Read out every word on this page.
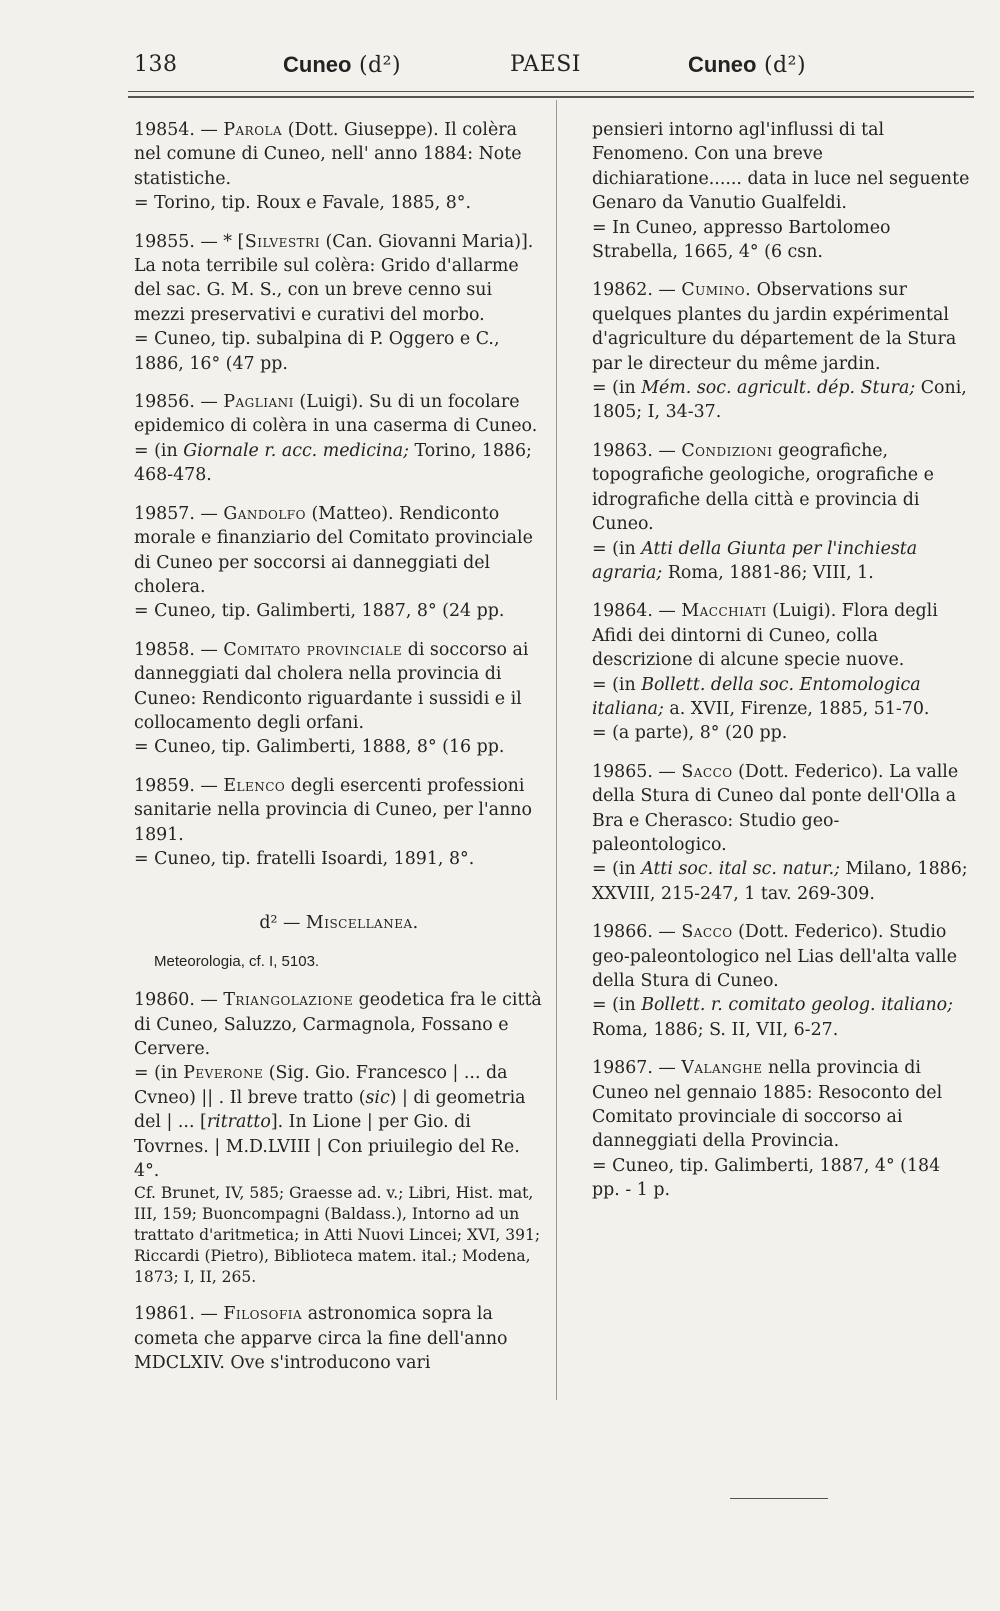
138	Cuneo (d²)	PAESI	Cuneo (d²)

19854. — Parola (Dott. Giuseppe). Il colèra nel comune di Cuneo, nell' anno 1884: Note statistiche.

= Torino, tip. Roux e Favale, 1885, 8°.

19855. — * [Silvestri (Can. Giovanni Maria)]. La nota terribile sul colèra: Grido d'allarme del sac. G. M. S., con un breve cenno sui mezzi preservativi e curativi del morbo.

= Cuneo, tip. subalpina di P. Oggero e C., 1886, 16° (47 pp.

19856. — Pagliani (Luigi). Su di un focolare epidemico di colèra in una caserma di Cuneo.

= (in Giornale r. acc. medicina; Torino, 1886; 468-478.

19857. — Gandolfo (Matteo). Rendiconto morale e finanziario del Comitato provinciale di Cuneo per soccorsi ai danneggiati del cholera.

= Cuneo, tip. Galimberti, 1887, 8° (24 pp.

19858. — Comitato provinciale di soccorso ai danneggiati dal cholera nella provincia di Cuneo: Rendiconto riguardante i sussidi e il collocamento degli orfani.

= Cuneo, tip. Galimberti, 1888, 8° (16 pp.

19859. — Elenco degli esercenti professioni sanitarie nella provincia di Cuneo, per l'anno 1891.

= Cuneo, tip. fratelli Isoardi, 1891, 8°.

d² — Miscellanea.
Meteorologia, cf. I, 5103.

19860. — Triangolazione geodetica fra le città di Cuneo, Saluzzo, Carmagnola, Fossano e Cervere.

= (in Peverone (Sig. Gio. Francesco | ... da Cvneo) || . Il breve tratto (sic) | di geometria del | ... [ritratto]. In Lione | per Gio. di Tovrnes. | M.D.LVIII | Con priuilegio del Re. 4°.

Cf. Brunet, IV, 585; Graesse ad. v.; Libri, Hist. mat, III, 159; Buoncompagni (Baldass.), Intorno ad un trattato d'aritmetica; in Atti Nuovi Lincei; XVI, 391; Riccardi (Pietro), Biblioteca matem. ital.; Modena, 1873; I, II, 265.

19861. — Filosofia astronomica sopra la cometa che apparve circa la fine dell'anno MDCLXIV. Ove s'introducono vari

pensieri intorno agl'influssi di tal Fenomeno. Con una breve dichiaratione...... data in luce nel seguente Genaro da Vanutio Gualfeldi.

= In Cuneo, appresso Bartolomeo Strabella, 1665, 4° (6 csn.

19862. — Cumino. Observations sur quelques plantes du jardin expérimental d'agriculture du département de la Stura par le directeur du même jardin.

= (in Mém. soc. agricult. dép. Stura; Coni, 1805; I, 34-37.

19863. — Condizioni geografiche, topografiche geologiche, orografiche e idrografiche della città e provincia di Cuneo.

= (in Atti della Giunta per l'inchiesta agraria; Roma, 1881-86; VIII, 1.

19864. — Macchiati (Luigi). Flora degli Afidi dei dintorni di Cuneo, colla descrizione di alcune specie nuove.

= (in Bollett. della soc. Entomologica italiana; a. XVII, Firenze, 1885, 51-70.

= (a parte), 8° (20 pp.

19865. — Sacco (Dott. Federico). La valle della Stura di Cuneo dal ponte dell'Olla a Bra e Cherasco: Studio geo-paleontologico.

= (in Atti soc. ital sc. natur.; Milano, 1886; XXVIII, 215-247, 1 tav. 269-309.

19866. — Sacco (Dott. Federico). Studio geo-paleontologico nel Lias dell'alta valle della Stura di Cuneo.

= (in Bollett. r. comitato geolog. italiano; Roma, 1886; S. II, VII, 6-27.

19867. — Valanghe nella provincia di Cuneo nel gennaio 1885: Resoconto del Comitato provinciale di soccorso ai danneggiati della Provincia.

= Cuneo, tip. Galimberti, 1887, 4° (184 pp. - 1 p.
